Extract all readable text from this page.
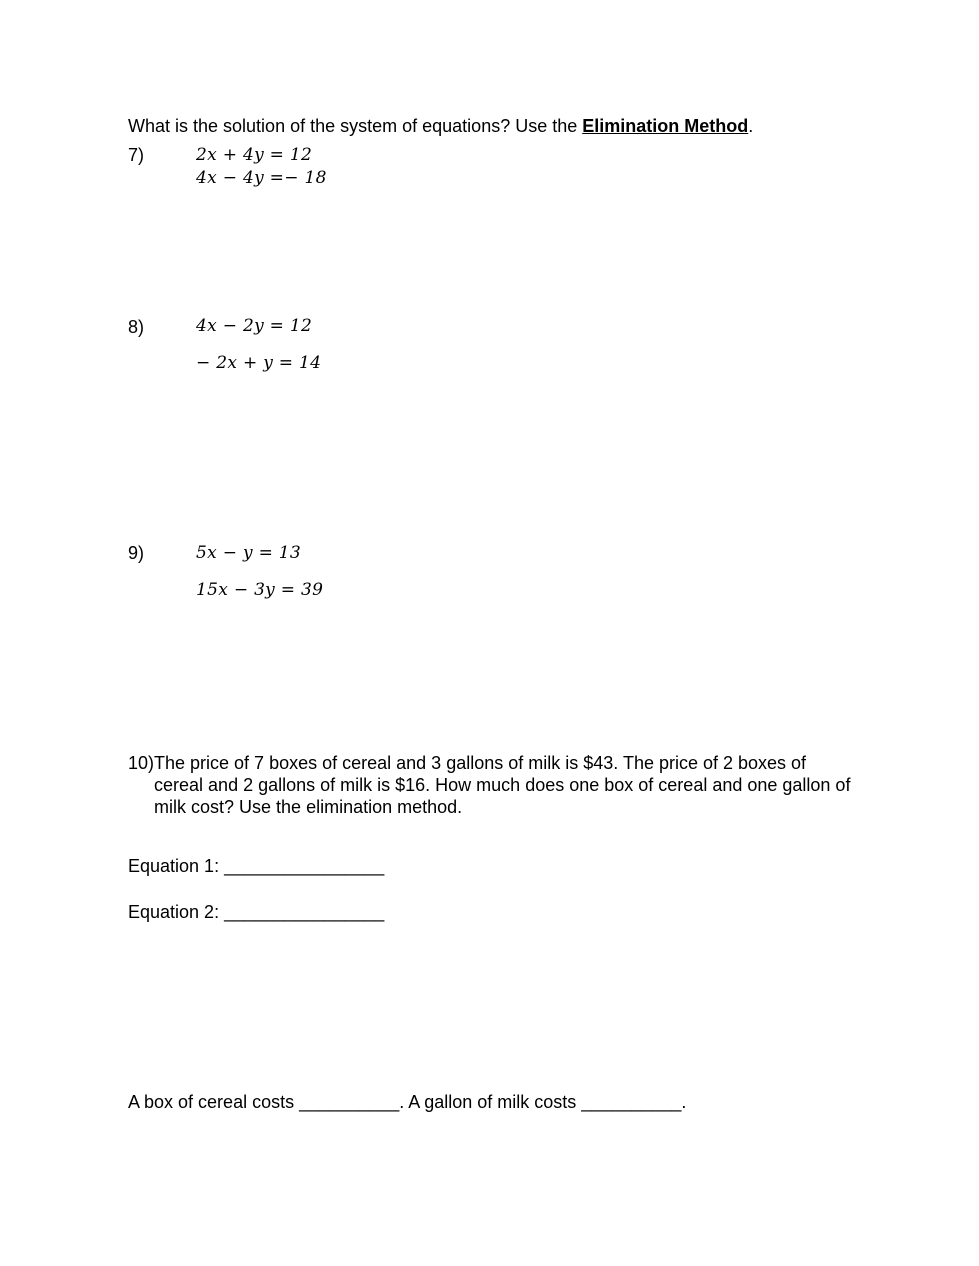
What is the solution of the system of equations? Use the Elimination Method.
7)	2x + 4y = 12
4x − 4y =− 18
8)	4x − 2y = 12
− 2x + y = 14
9)	5x − y = 13
15x − 3y = 39
10) The price of 7 boxes of cereal and 3 gallons of milk is $43. The price of 2 boxes of cereal and 2 gallons of milk is $16. How much does one box of cereal and one gallon of milk cost? Use the elimination method.
Equation 1: ________________
Equation 2: ________________
A box of cereal costs __________. A gallon of milk costs __________.
